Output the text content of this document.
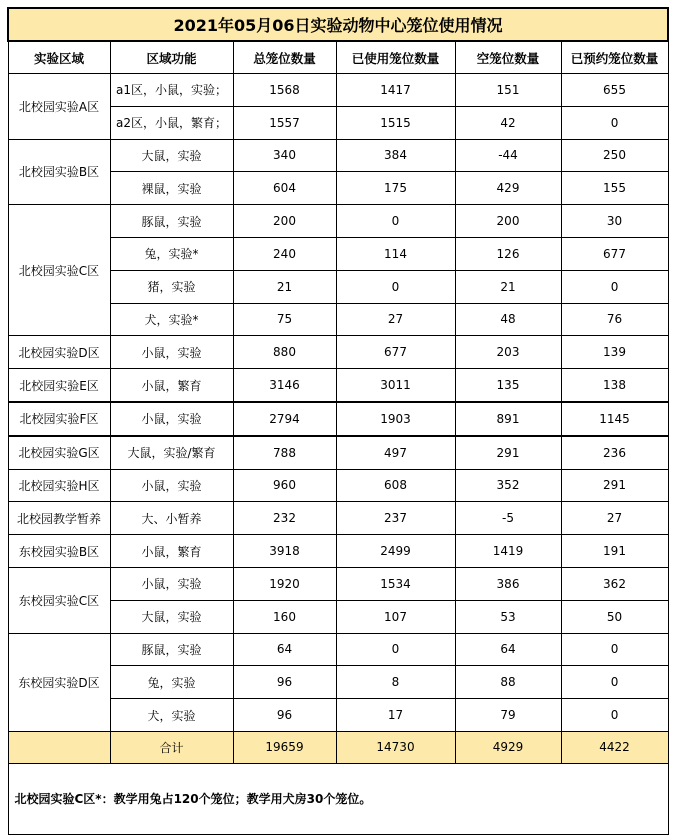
2021年05月06日实验动物中心笼位使用情况					
实验区域	区域功能	总笼位数量	已使用笼位数量	空笼位数量	已预约笼位数量
北校园实验A区	a1区，小鼠，实验；	1568	1417	151	655
	a2区，小鼠，繁育；	1557	1515	42	0
北校园实验B区	大鼠，实验	340	384	-44	250
	裸鼠，实验	604	175	429	155
北校园实验C区	豚鼠，实验	200	0	200	30
	兔，实验*	240	114	126	677
	猪，实验	21	0	21	0
	犬，实验*	75	27	48	76
北校园实验D区	小鼠，实验	880	677	203	139
北校园实验E区	小鼠，繁育	3146	3011	135	138
北校园实验F区	小鼠，实验	2794	1903	891	1145
北校园实验G区	大鼠，实验/繁育	788	497	291	236
北校园实验H区	小鼠，实验	960	608	352	291
北校园教学暂养	大、小暂养	232	237	-5	27
东校园实验B区	小鼠，繁育	3918	2499	1419	191
东校园实验C区	小鼠，实验	1920	1534	386	362
	大鼠，实验	160	107	53	50
东校园实验D区	豚鼠，实验	64	0	64	0
	兔，实验	96	8	88	0
	犬，实验	96	17	79	0
	合计	19659	14730	4929	4422
北校园实验C区*：教学用兔占120个笼位；教学用犬房30个笼位。					
